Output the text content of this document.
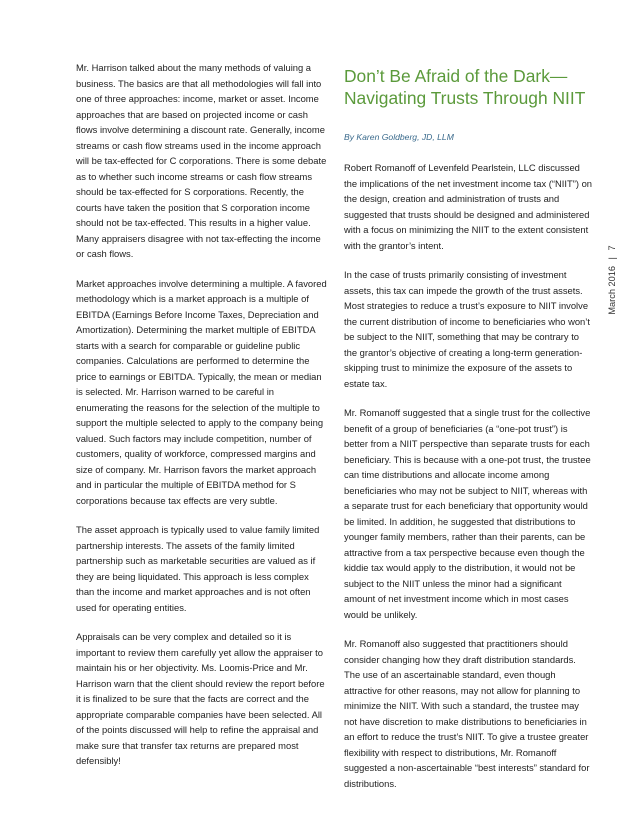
Mr. Harrison talked about the many methods of valuing a business. The basics are that all methodologies will fall into one of three approaches: income, market or asset. Income approaches that are based on projected income or cash flows involve determining a discount rate. Generally, income streams or cash flow streams used in the income approach will be tax-effected for C corporations. There is some debate as to whether such income streams or cash flow streams should be tax-effected for S corporations. Recently, the courts have taken the position that S corporation income should not be tax-effected. This results in a higher value. Many appraisers disagree with not tax-effecting the income or cash flows.

Market approaches involve determining a multiple. A favored methodology which is a market approach is a multiple of EBITDA (Earnings Before Income Taxes, Depreciation and Amortization). Determining the market multiple of EBITDA starts with a search for comparable or guideline public companies. Calculations are performed to determine the price to earnings or EBITDA. Typically, the mean or median is selected. Mr. Harrison warned to be careful in enumerating the reasons for the selection of the multiple to support the multiple selected to apply to the company being valued. Such factors may include competition, number of customers, quality of workforce, compressed margins and size of company. Mr. Harrison favors the market approach and in particular the multiple of EBITDA method for S corporations because tax effects are very subtle.

The asset approach is typically used to value family limited partnership interests. The assets of the family limited partnership such as marketable securities are valued as if they are being liquidated. This approach is less complex than the income and market approaches and is not often used for operating entities.

Appraisals can be very complex and detailed so it is important to review them carefully yet allow the appraiser to maintain his or her objectivity. Ms. Loomis-Price and Mr. Harrison warn that the client should review the report before it is finalized to be sure that the facts are correct and the appropriate comparable companies have been selected. All of the points discussed will help to refine the appraisal and make sure that transfer tax returns are prepared most defensibly!

Don’t Be Afraid of the Dark—Navigating Trusts Through NIIT
By Karen Goldberg, JD, LLM

Robert Romanoff of Levenfeld Pearlstein, LLC discussed the implications of the net investment income tax (“NIIT”) on the design, creation and administration of trusts and suggested that trusts should be designed and administered with a focus on minimizing the NIIT to the extent consistent with the grantor’s intent.

In the case of trusts primarily consisting of investment assets, this tax can impede the growth of the trust assets. Most strategies to reduce a trust’s exposure to NIIT involve the current distribution of income to beneficiaries who won’t be subject to the NIIT, something that may be contrary to the grantor’s objective of creating a long-term generation-skipping trust to minimize the exposure of the assets to estate tax.

Mr. Romanoff suggested that a single trust for the collective benefit of a group of beneficiaries (a “one-pot trust”) is better from a NIIT perspective than separate trusts for each beneficiary. This is because with a one-pot trust, the trustee can time distributions and allocate income among beneficiaries who may not be subject to NIIT, whereas with a separate trust for each beneficiary that opportunity would be limited. In addition, he suggested that distributions to younger family members, rather than their parents, can be attractive from a tax perspective because even though the kiddie tax would apply to the distribution, it would not be subject to the NIIT unless the minor had a significant amount of net investment income which in most cases would be unlikely.

Mr. Romanoff also suggested that practitioners should consider changing how they draft distribution standards. The use of an ascertainable standard, even though attractive for other reasons, may not allow for planning to minimize the NIIT. With such a standard, the trustee may not have discretion to make distributions to beneficiaries in an effort to reduce the trust’s NIIT. To give a trustee greater flexibility with respect to distributions, Mr. Romanoff suggested a non-ascertainable “best interests” standard for distributions.

March 2016 | 7
